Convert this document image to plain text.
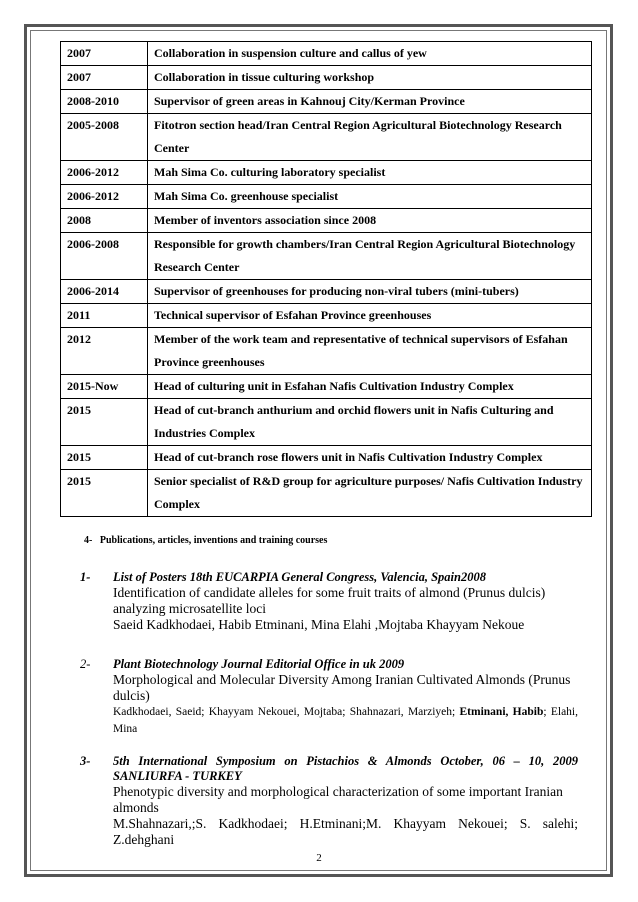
2007	Collaboration in suspension culture and callus of yew
2007	Collaboration in tissue culturing workshop
2008-2010	Supervisor of green areas in Kahnouj City/Kerman Province
2005-2008	Fitotron section head/Iran Central Region Agricultural Biotechnology Research Center
2006-2012	Mah Sima Co. culturing laboratory specialist
2006-2012	Mah Sima Co. greenhouse specialist
2008	Member of inventors association since 2008
2006-2008	Responsible for growth chambers/Iran Central Region Agricultural Biotechnology Research Center
2006-2014	Supervisor of greenhouses for producing non-viral tubers (mini-tubers)
2011	Technical supervisor of Esfahan Province greenhouses
2012	Member of the work team and representative of technical supervisors of Esfahan Province greenhouses
2015-Now	Head of culturing unit in Esfahan Nafis Cultivation Industry Complex
2015	Head of cut-branch anthurium and orchid flowers unit in Nafis Culturing and Industries Complex
2015	Head of cut-branch rose flowers unit in Nafis Cultivation Industry Complex
2015	Senior specialist of R&D group for agriculture purposes/ Nafis Cultivation Industry Complex
4- Publications, articles, inventions and training courses
1-	List of Posters 18th EUCARPIA General Congress, Valencia, Spain2008
Identification of candidate alleles for some fruit traits of almond (Prunus dulcis) analyzing microsatellite loci
Saeid Kadkhodaei, Habib Etminani, Mina Elahi ,Mojtaba Khayyam Nekoue
2-	Plant Biotechnology Journal Editorial Office in uk 2009
Morphological and Molecular Diversity Among Iranian Cultivated Almonds (Prunus dulcis)
Kadkhodaei, Saeid; Khayyam Nekouei, Mojtaba; Shahnazari, Marziyeh; Etminani, Habib; Elahi, Mina
3-	5th International Symposium on Pistachios & Almonds October, 06 – 10, 2009 SANLIURFA - TURKEY
Phenotypic diversity and morphological characterization of some important Iranian almonds
M.Shahnazari,;S. Kadkhodaei; H.Etminani;M. Khayyam Nekouei; S. salehi; Z.dehghani
2
